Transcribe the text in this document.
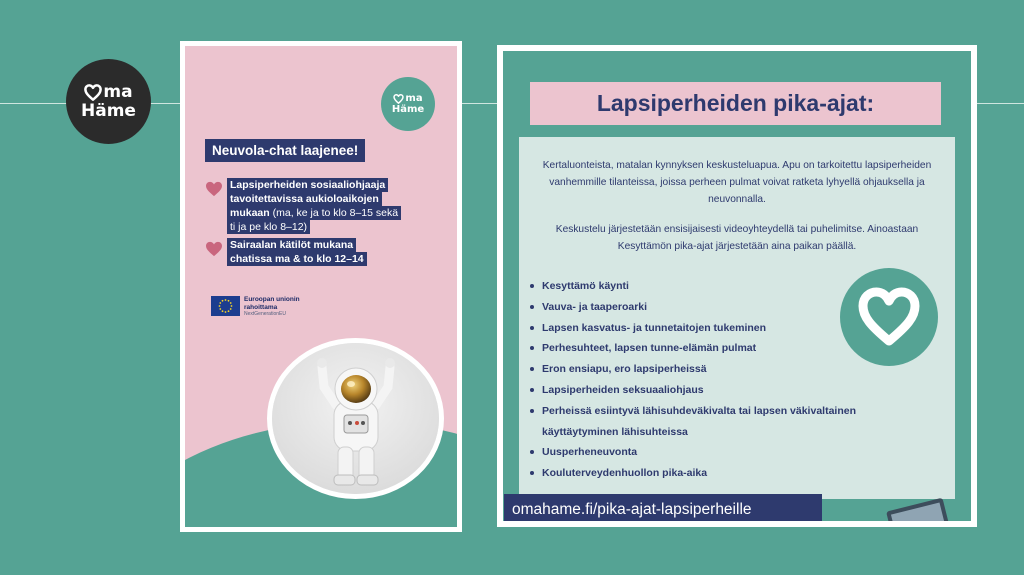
ma
Häme
ma
Häme
Neuvola-chat laajenee!
Lapsiperheiden sosiaaliohjaaja tavoitettavissa aukioloaikojen mukaan (ma, ke ja to klo 8–15 sekä ti ja pe klo 8–12)
Sairaalan kätilöt mukana chatissa ma & to klo 12–14
Euroopan unionin
rahoittama
NextGenerationEU
Lapsiperheiden pika-ajat:

Kertaluonteista, matalan kynnyksen keskusteluapua. Apu on tarkoitettu lapsiperheiden vanhemmille tilanteissa, joissa perheen pulmat voivat ratketa lyhyellä ohjauksella ja neuvonnalla.

Keskustelu järjestetään ensisijaisesti videoyhteydellä tai puhelimitse. Ainoastaan Kesyttämön pika-ajat järjestetään aina paikan päällä.

Kesyttämö käynti
Vauva- ja taaperoarki
Lapsen kasvatus- ja tunnetaitojen tukeminen
Perhesuhteet, lapsen tunne-elämän pulmat
Eron ensiapu, ero lapsiperheissä
Lapsiperheiden seksuaaliohjaus
Perheissä esiintyvä lähisuhdeväkivalta tai lapsen väkivaltainen
käyttäytyminen lähisuhteissa
Uusperheneuvonta
Kouluterveydenhuollon pika-aika
omahame.fi/pika-ajat-lapsiperheille
